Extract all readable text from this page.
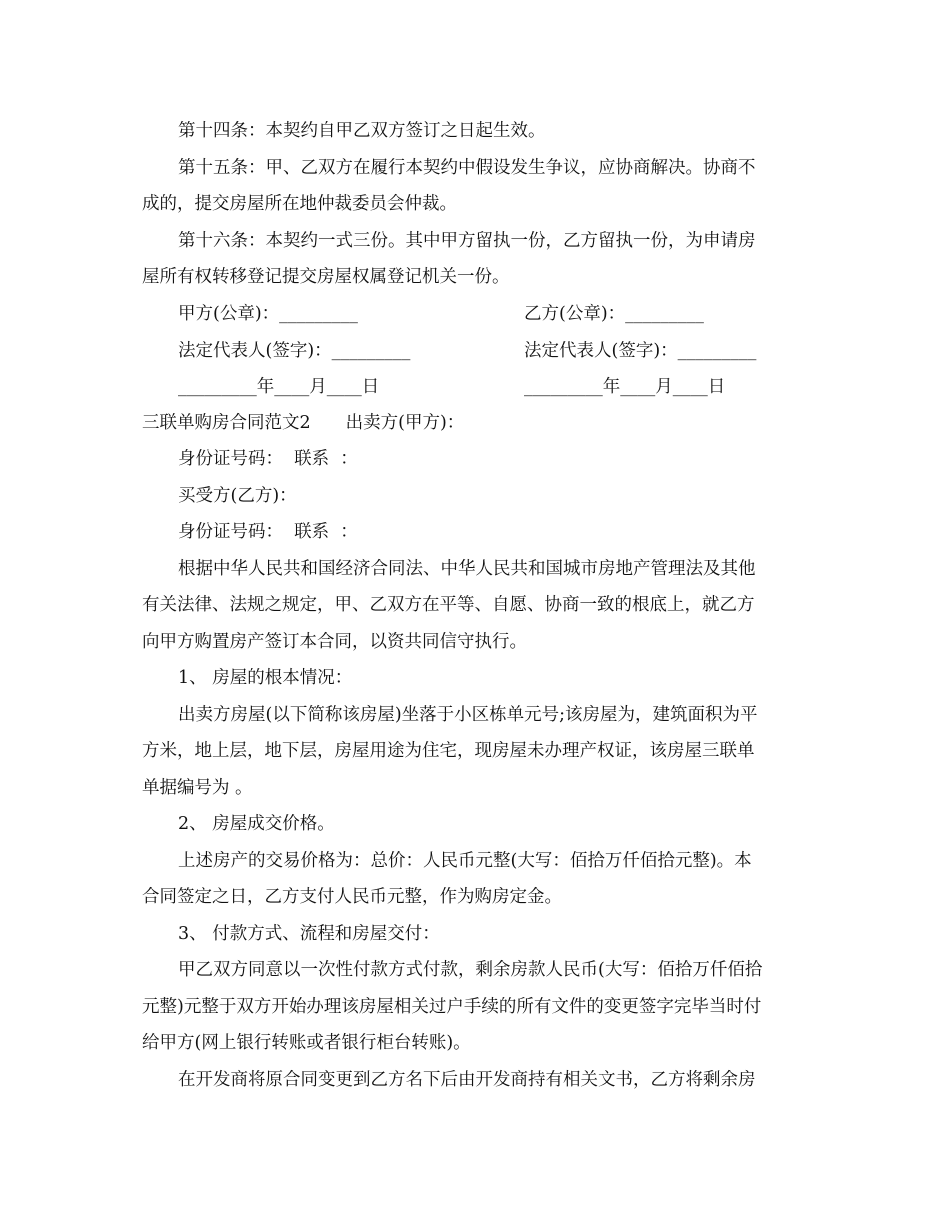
第十四条：本契约自甲乙双方签订之日起生效。
第十五条：甲、乙双方在履行本契约中假设发生争议，应协商解决。协商不
成的，提交房屋所在地仲裁委员会仲裁。
第十六条：本契约一式三份。其中甲方留执一份，乙方留执一份，为申请房
屋所有权转移登记提交房屋权属登记机关一份。
甲方(公章)：_________	乙方(公章)：_________
法定代表人(签字)：_________	法定代表人(签字)：_________
_________年____月____日	_________年____月____日
三联单购房合同范文2　　出卖方(甲方)：
身份证号码：  联系  ：
买受方(乙方)：
身份证号码：  联系  ：
根据中华人民共和国经济合同法、中华人民共和国城市房地产管理法及其他
有关法律、法规之规定，甲、乙双方在平等、自愿、协商一致的根底上，就乙方
向甲方购置房产签订本合同，以资共同信守执行。
1、 房屋的根本情况：
出卖方房屋(以下简称该房屋)坐落于小区栋单元号;该房屋为，建筑面积为平
方米，地上层，地下层，房屋用途为住宅，现房屋未办理产权证，该房屋三联单
单据编号为 。
2、 房屋成交价格。
上述房产的交易价格为：总价：人民币元整(大写：佰拾万仟佰拾元整)。本
合同签定之日，乙方支付人民币元整，作为购房定金。
3、 付款方式、流程和房屋交付：
甲乙双方同意以一次性付款方式付款，剩余房款人民币(大写：佰拾万仟佰拾
元整)元整于双方开始办理该房屋相关过户手续的所有文件的变更签字完毕当时付
给甲方(网上银行转账或者银行柜台转账)。
在开发商将原合同变更到乙方名下后由开发商持有相关文书，乙方将剩余房
